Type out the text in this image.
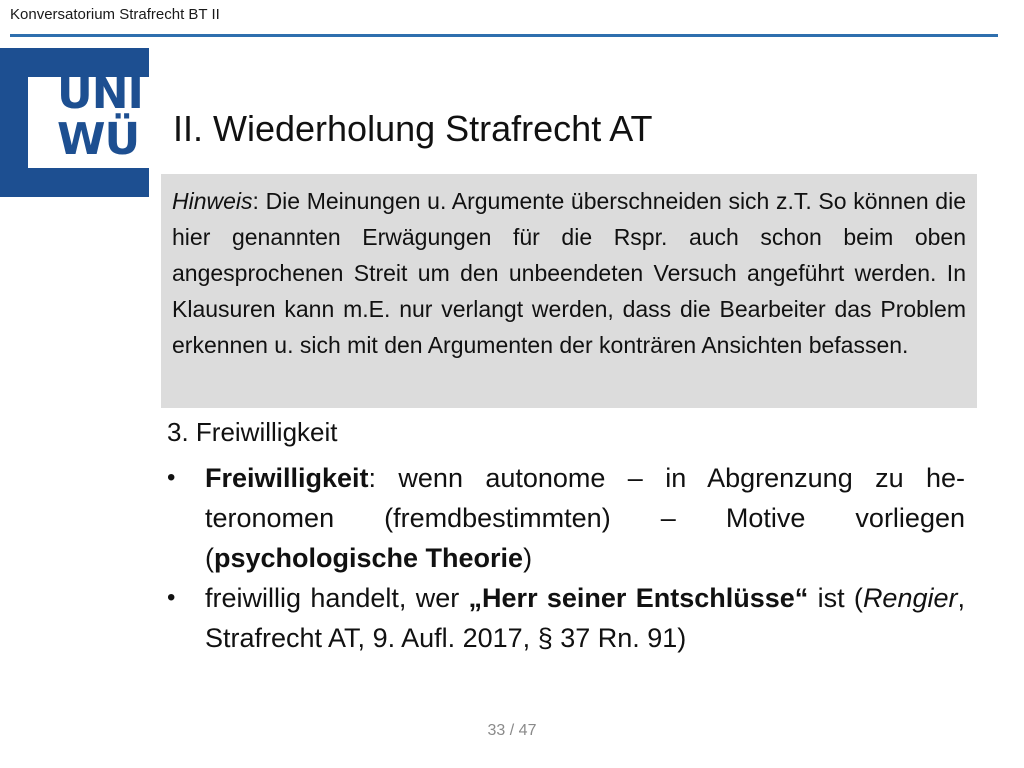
Konversatorium Strafrecht BT II
UNI
WÜ II. Wiederholung Strafrecht AT

Hinweis: Die Meinungen u. Argumente überschneiden sich z.T. So können die hier genannten Erwägungen für die Rspr. auch schon beim oben angesprochenen Streit um den unbeendeten Versuch angeführt werden. In Klausuren kann m.E. nur verlangt werden, dass die Bearbeiter das Problem erkennen u. sich mit den Argumenten der konträren Ansichten befassen.

3. Freiwilligkeit
• Freiwilligkeit: wenn autonome – in Abgrenzung zu he-teronomen (fremdbestimmten) – Motive vorliegen (psychologische Theorie)
• freiwillig handelt, wer „Herr seiner Entschlüsse“ ist (Rengier, Strafrecht AT, 9. Aufl. 2017, § 37 Rn. 91)
33 / 47
